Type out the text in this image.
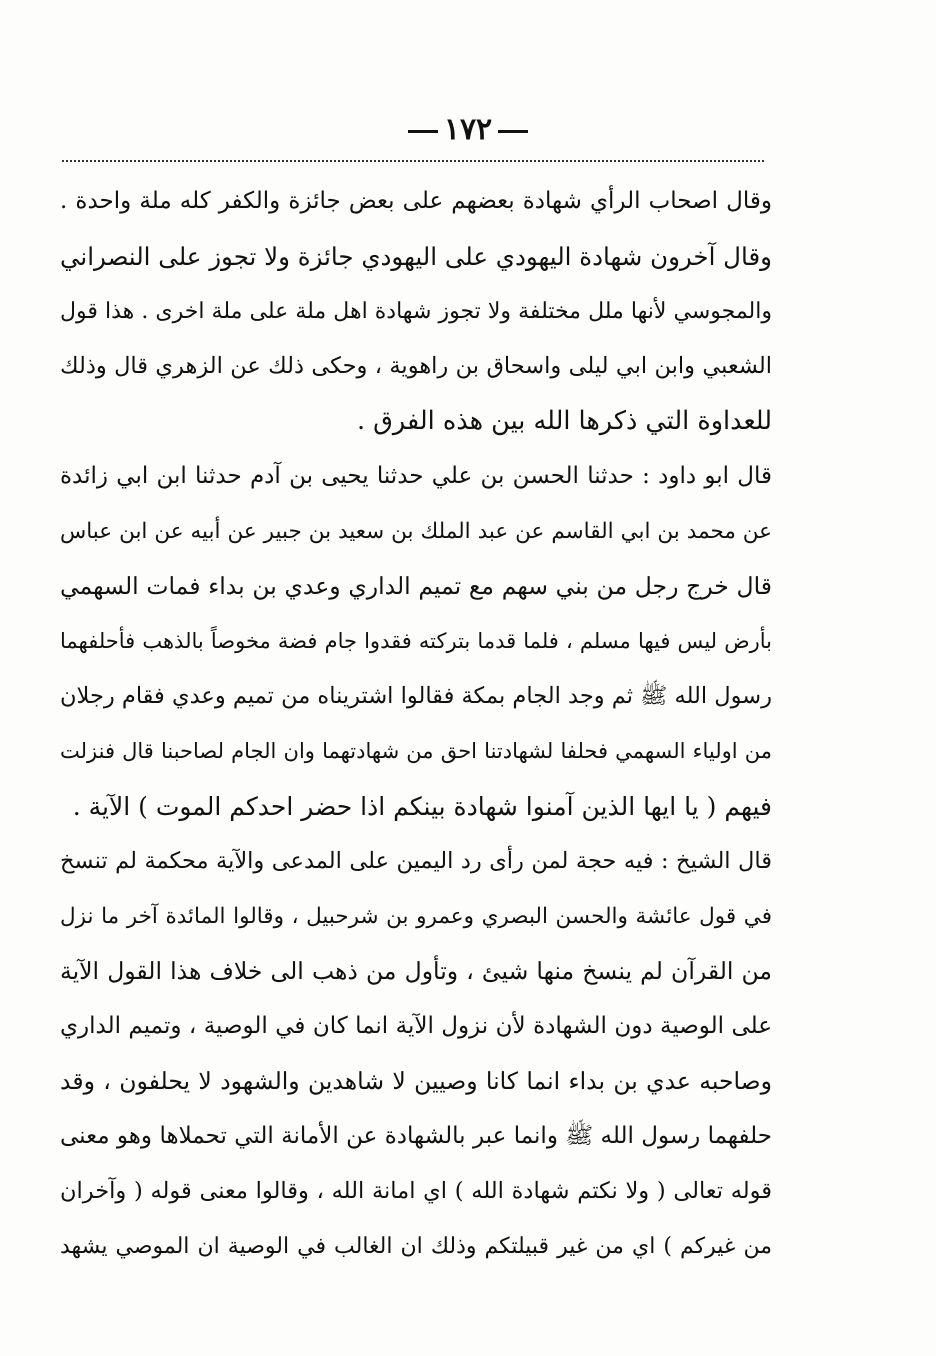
١٧٢
وقال اصحاب الرأي شهادة بعضهم على بعض جائزة والكفر كله ملة واحدة .
وقال آخرون شهادة اليهودي على اليهودي جائزة ولا تجوز على النصراني
والمجوسي لأنها ملل مختلفة ولا تجوز شهادة اهل ملة على ملة اخرى . هذا قول
الشعبي وابن ابي ليلى واسحاق بن راهوية ، وحكى ذلك عن الزهري قال وذلك
للعداوة التي ذكرها الله بين هذه الفرق .
قال ابو داود : حدثنا الحسن بن علي حدثنا يحيى بن آدم حدثنا ابن ابي زائدة
عن محمد بن ابي القاسم عن عبد الملك بن سعيد بن جبير عن أبيه عن ابن عباس
قال خرج رجل من بني سهم مع تميم الداري وعدي بن بداء فمات السهمي
بأرض ليس فيها مسلم ، فلما قدما بتركته فقدوا جام فضة مخوصاً بالذهب فأحلفهما
رسول الله ﷺ ثم وجد الجام بمكة فقالوا اشتريناه من تميم وعدي فقام رجلان
من اولياء السهمي فحلفا لشهادتنا احق من شهادتهما وان الجام لصاحبنا قال فنزلت
فيهم ( يا ايها الذين آمنوا شهادة بينكم اذا حضر احدكم الموت ) الآية .
قال الشيخ : فيه حجة لمن رأى رد اليمين على المدعى والآية محكمة لم تنسخ
في قول عائشة والحسن البصري وعمرو بن شرحبيل ، وقالوا المائدة آخر ما نزل
من القرآن لم ينسخ منها شيئ ، وتأول من ذهب الى خلاف هذا القول الآية
على الوصية دون الشهادة لأن نزول الآية انما كان في الوصية ، وتميم الداري
وصاحبه عدي بن بداء انما كانا وصيين لا شاهدين والشهود لا يحلفون ، وقد
حلفهما رسول الله ﷺ وانما عبر بالشهادة عن الأمانة التي تحملاها وهو معنى
قوله تعالى ( ولا نكتم شهادة الله ) اي امانة الله ، وقالوا معنى قوله ( وآخران
من غيركم ) اي من غير قبيلتكم وذلك ان الغالب في الوصية ان الموصي يشهد
